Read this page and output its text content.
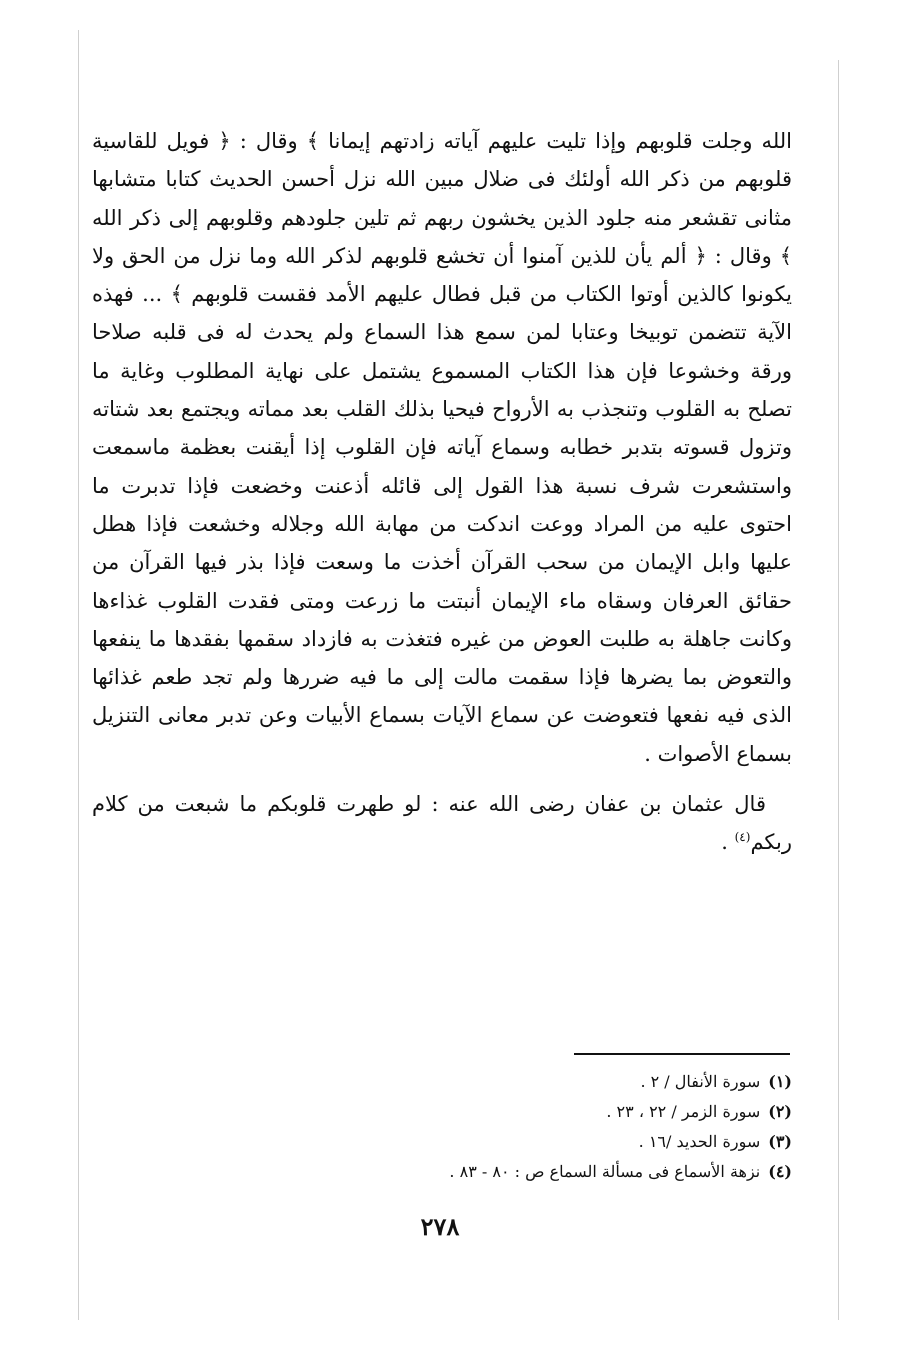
الله وجلت قلوبهم وإذا تليت عليهم آياته زادتهم إيمانا ﴾ وقال : ﴿ فويل للقاسية قلوبهم من ذكر الله أولئك فى ضلال مبين الله نزل أحسن الحديث كتابا متشابها مثانى تقشعر منه جلود الذين يخشون ربهم ثم تلين جلودهم وقلوبهم إلى ذكر الله ﴾ وقال : ﴿ ألم يأن للذين آمنوا أن تخشع قلوبهم لذكر الله وما نزل من الحق ولا يكونوا كالذين أوتوا الكتاب من قبل فطال عليهم الأمد فقست قلوبهم ﴾ ... فهذه الآية تتضمن توبيخا وعتابا لمن سمع هذا السماع ولم يحدث له فى قلبه صلاحا ورقة وخشوعا فإن هذا الكتاب المسموع يشتمل على نهاية المطلوب وغاية ما تصلح به القلوب وتنجذب به الأرواح فيحيا بذلك القلب بعد مماته ويجتمع بعد شتاته وتزول قسوته بتدبر خطابه وسماع آياته فإن القلوب إذا أيقنت بعظمة ماسمعت واستشعرت شرف نسبة هذا القول إلى قائله أذعنت وخضعت فإذا تدبرت ما احتوى عليه من المراد ووعت اندكت من مهابة الله وجلاله وخشعت فإذا هطل عليها وابل الإيمان من سحب القرآن أخذت ما وسعت فإذا بذر فيها القرآن من حقائق العرفان وسقاه ماء الإيمان أنبتت ما زرعت ومتى فقدت القلوب غذاءها وكانت جاهلة به طلبت العوض من غيره فتغذت به فازداد سقمها بفقدها ما ينفعها والتعوض بما يضرها فإذا سقمت مالت إلى ما فيه ضررها ولم تجد طعم غذائها الذى فيه نفعها فتعوضت عن سماع الآيات بسماع الأبيات وعن تدبر معانى التنزيل بسماع الأصوات .

قال عثمان بن عفان رضى الله عنه : لو طهرت قلوبكم ما شبعت من كلام ربكم$^{(٤)}$ .

(١)سورة الأنفال / ٢ .
(٢)سورة الزمر / ٢٢ ، ٢٣ .
(٣)سورة الحديد /١٦ .
(٤)نزهة الأسماع فى مسألة السماع ص : ٨٠ - ٨٣ .
٢٧٨
